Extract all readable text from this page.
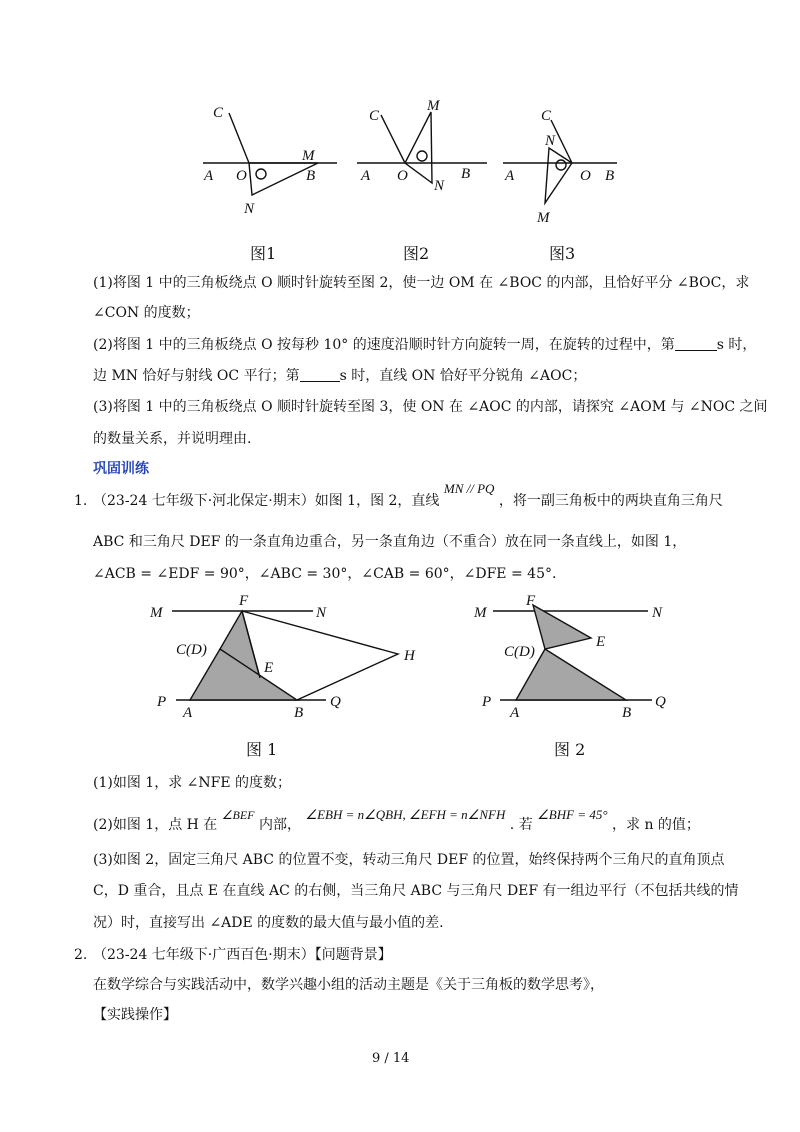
C
A O	B
M
N
C
A O	B
M
N
C
A	O B
N
M
图1	图2	图3
(1)将图 1 中的三角板绕点 O 顺时针旋转至图 2，使一边 OM 在 ∠BOC 的内部，且恰好平分 ∠BOC，求
∠CON 的度数；
(2)将图 1 中的三角板绕点 O 按每秒 10° 的速度沿顺时针方向旋转一周，在旋转的过程中，第	s 时，
边 MN 恰好与射线 OC 平行；第	s 时，直线 ON 恰好平分锐角 ∠AOC；
(3)将图 1 中的三角板绕点 O 顺时针旋转至图 3，使 ON 在 ∠AOC 的内部，请探究 ∠AOM 与 ∠NOC 之间
的数量关系，并说明理由.
巩固训练
1. （23-24 七年级下·河北保定·期末）如图 1，图 2，直线 MN // PQ ，将一副三角板中的两块直角三角尺
ABC 和三角尺 DEF 的一条直角边重合，另一条直角边（不重合）放在同一条直线上，如图 1，
∠ACB = ∠EDF = 90°，∠ABC = 30°，∠CAB = 60°，∠DFE = 45°.
M
F
N
C(D)
E
H
P
A	B
Q
M
F
N
E
C(D)
P
A	B
Q
图 1	图 2
(1)如图 1，求 ∠NFE 的度数；
(2)如图 1，点 H 在 ∠BEF 内部， ∠EBH = n∠QBH, ∠EFH = n∠NFH . 若 ∠BHF = 45° ，求 n 的值；
(3)如图 2，固定三角尺 ABC 的位置不变，转动三角尺 DEF 的位置，始终保持两个三角尺的直角顶点
C，D 重合，且点 E 在直线 AC 的右侧，当三角尺 ABC 与三角尺 DEF 有一组边平行（不包括共线的情
况）时，直接写出 ∠ADE 的度数的最大值与最小值的差.
2. （23-24 七年级下·广西百色·期末）【问题背景】
在数学综合与实践活动中，数学兴趣小组的活动主题是《关于三角板的数学思考》，
【实践操作】
9 / 14
